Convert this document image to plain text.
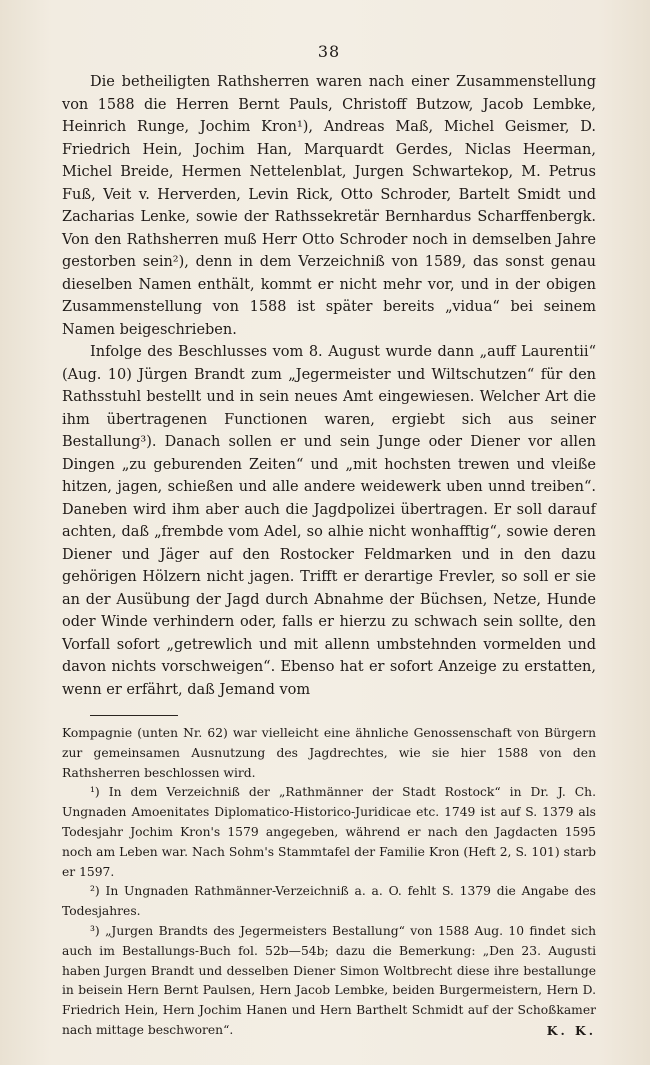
38

Die betheiligten Rathsherren waren nach einer Zusammenstellung von 1588 die Herren Bernt Pauls, Christoff Butzow, Jacob Lembke, Heinrich Runge, Jochim Kron¹), Andreas Maß, Michel Geismer, D. Friedrich Hein, Jochim Han, Marquardt Gerdes, Niclas Heerman, Michel Breide, Hermen Nettelenblat, Jurgen Schwartekop, M. Petrus Fuß, Veit v. Herverden, Levin Rick, Otto Schroder, Bartelt Smidt und Zacharias Lenke, sowie der Rathssekretär Bernhardus Scharffenbergk. Von den Rathsherren muß Herr Otto Schroder noch in demselben Jahre gestorben sein²), denn in dem Verzeichniß von 1589, das sonst genau dieselben Namen enthält, kommt er nicht mehr vor, und in der obigen Zusammenstellung von 1588 ist später bereits „vidua“ bei seinem Namen beigeschrieben.

Infolge des Beschlusses vom 8. August wurde dann „auff Laurentii“ (Aug. 10) Jürgen Brandt zum „Jegermeister und Wiltschutzen“ für den Rathsstuhl bestellt und in sein neues Amt eingewiesen. Welcher Art die ihm übertragenen Functionen waren, ergiebt sich aus seiner Bestallung³). Danach sollen er und sein Junge oder Diener vor allen Dingen „zu geburenden Zeiten“ und „mit hochsten trewen und vleiße hitzen, jagen, schießen und alle andere weidewerk uben unnd treiben“. Daneben wird ihm aber auch die Jagdpolizei übertragen. Er soll darauf achten, daß „frembde vom Adel, so alhie nicht wonhafftig“, sowie deren Diener und Jäger auf den Rostocker Feldmarken und in den dazu gehörigen Hölzern nicht jagen. Trifft er derartige Frevler, so soll er sie an der Ausübung der Jagd durch Abnahme der Büchsen, Netze, Hunde oder Winde verhindern oder, falls er hierzu zu schwach sein sollte, den Vorfall sofort „getrewlich und mit allenn umbstehnden vormelden und davon nichts vorschweigen“. Ebenso hat er sofort Anzeige zu erstatten, wenn er erfährt, daß Jemand vom

Kompagnie (unten Nr. 62) war vielleicht eine ähnliche Genossenschaft von Bürgern zur gemeinsamen Ausnutzung des Jagdrechtes, wie sie hier 1588 von den Rathsherren beschlossen wird.

¹) In dem Verzeichniß der „Rathmänner der Stadt Rostock“ in Dr. J. Ch. Ungnaden Amoenitates Diplomatico-Historico-Juridicae etc. 1749 ist auf S. 1379 als Todesjahr Jochim Kron's 1579 angegeben, während er nach den Jagdacten 1595 noch am Leben war. Nach Sohm's Stammtafel der Familie Kron (Heft 2, S. 101) starb er 1597.

²) In Ungnaden Rathmänner-Verzeichniß a. a. O. fehlt S. 1379 die Angabe des Todesjahres.

³) „Jurgen Brandts des Jegermeisters Bestallung“ von 1588 Aug. 10 findet sich auch im Bestallungs-Buch fol. 52b—54b; dazu die Bemerkung: „Den 23. Augusti haben Jurgen Brandt und desselben Diener Simon Woltbrecht diese ihre bestallunge in beisein Hern Bernt Paulsen, Hern Jacob Lembke, beiden Burgermeistern, Hern D. Friedrich Hein, Hern Jochim Hanen und Hern Barthelt Schmidt auf der Schoßkamer nach mittage beschworen“.	K. K.
